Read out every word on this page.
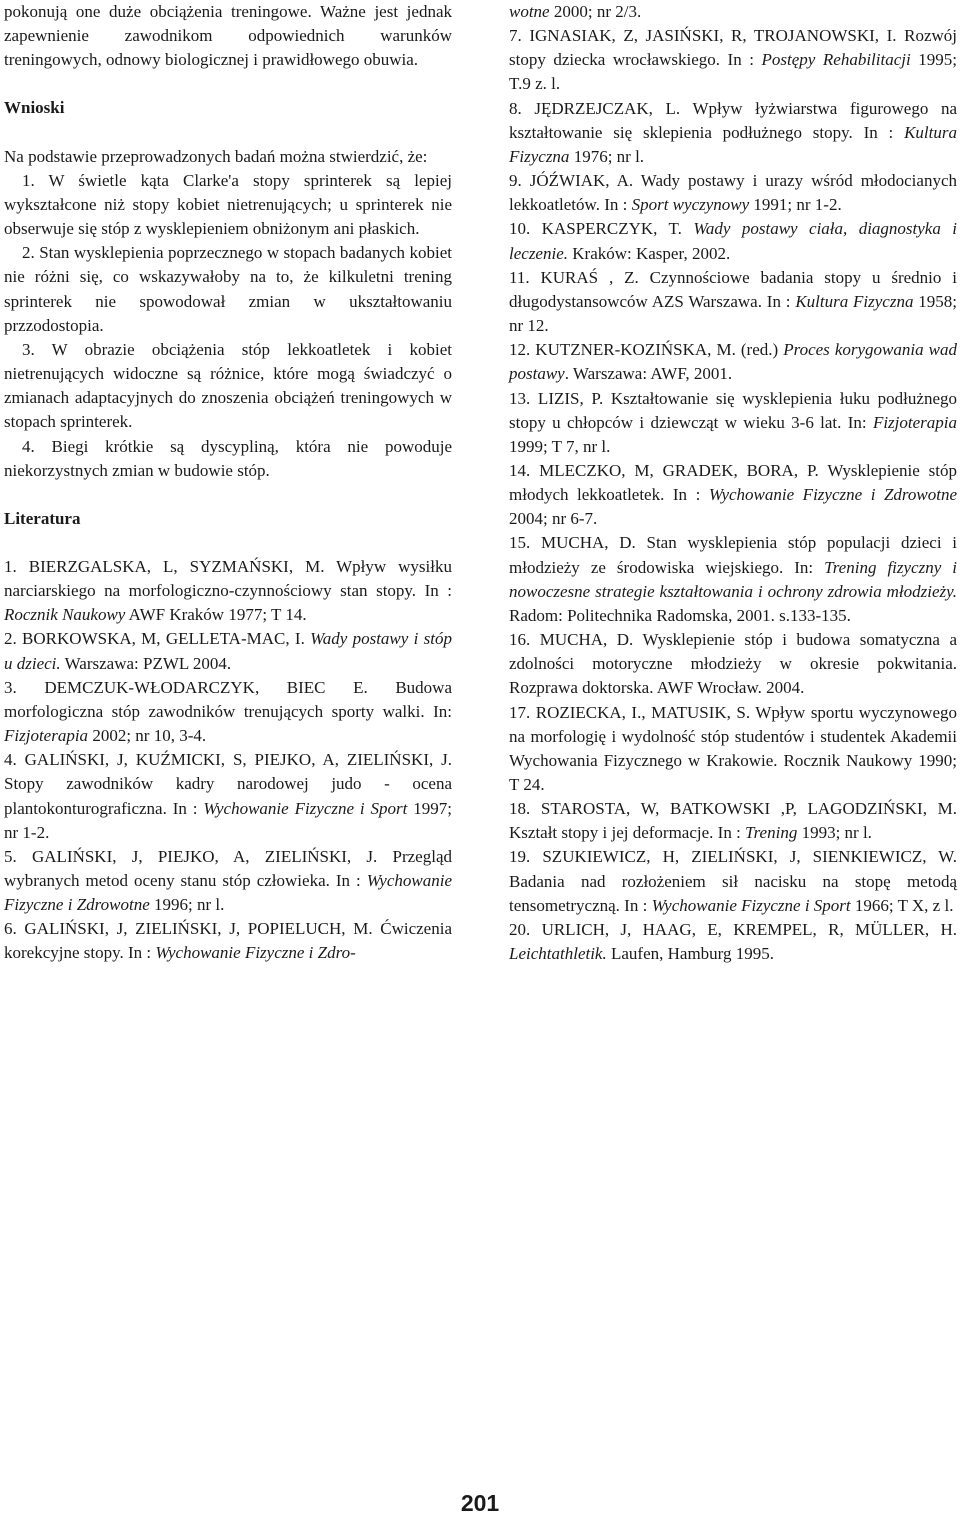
pokonują one duże obciążenia treningowe. Ważne jest jednak zapewnienie zawodnikom odpowiednich warunków treningowych, odnowy biologicznej i prawidłowego obuwia.

Wnioski

Na podstawie przeprowadzonych badań można stwierdzić, że:

1. W świetle kąta Clarke'a stopy sprinterek są lepiej wykształcone niż stopy kobiet nietrenujących; u sprinterek nie obserwuje się stóp z wysklepieniem obniżonym ani płaskich.

2. Stan wysklepienia poprzecznego w stopach badanych kobiet nie różni się, co wskazywałoby na to, że kilkuletni trening sprinterek nie spowodował zmian w ukształtowaniu przzodostopia.

3. W obrazie obciążenia stóp lekkoatletek i kobiet nietrenujących widoczne są różnice, które mogą świadczyć o zmianach adaptacyjnych do znoszenia obciążeń treningowych w stopach sprinterek.

4. Biegi krótkie są dyscypliną, która nie powoduje niekorzystnych zmian w budowie stóp.

Literatura

1. BIERZGALSKA, L, SYZMAŃSKI, M. Wpływ wysiłku narciarskiego na morfologiczno-czynnościowy stan stopy. In : Rocznik Naukowy AWF Kraków 1977; T 14.

2. BORKOWSKA, M, GELLETA-MAC, I. Wady postawy i stóp u dzieci. Warszawa: PZWL 2004.

3. DEMCZUK-WŁODARCZYK, BIEC E. Budowa morfologiczna stóp zawodników trenujących sporty walki. In: Fizjoterapia 2002; nr 10, 3-4.

4. GALIŃSKI, J, KUŹMICKI, S, PIEJKO, A, ZIELIŃSKI, J. Stopy zawodników kadry narodowej judo - ocena plantokonturograficzna. In : Wychowanie Fizyczne i Sport 1997; nr 1-2.

5. GALIŃSKI, J, PIEJKO, A, ZIELIŃSKI, J. Przegląd wybranych metod oceny stanu stóp człowieka. In : Wychowanie Fizyczne i Zdrowotne 1996; nr l.

6. GALIŃSKI, J, ZIELIŃSKI, J, POPIELUCH, M. Ćwiczenia korekcyjne stopy. In : Wychowanie Fizyczne i Zdro-

wotne 2000; nr 2/3.

7. IGNASIAK, Z, JASIŃSKI, R, TROJANOWSKI, I. Rozwój stopy dziecka wrocławskiego. In : Postępy Rehabilitacji 1995; T.9 z. l.

8. JĘDRZEJCZAK, L. Wpływ łyżwiarstwa figurowego na kształtowanie się sklepienia podłużnego stopy. In : Kultura Fizyczna 1976; nr l.

9. JÓŹWIAK, A. Wady postawy i urazy wśród młodocianych lekkoatletów. In : Sport wyczynowy 1991; nr 1-2.

10. KASPERCZYK, T. Wady postawy ciała, diagnostyka i leczenie. Kraków: Kasper, 2002.

11. KURAŚ , Z. Czynnościowe badania stopy u średnio i długodystansowców AZS Warszawa. In : Kultura Fizyczna 1958; nr 12.

12. KUTZNER-KOZIŃSKA, M. (red.) Proces korygowania wad postawy. Warszawa: AWF, 2001.

13. LIZIS, P. Kształtowanie się wysklepienia łuku podłużnego stopy u chłopców i dziewcząt w wieku 3-6 lat. In: Fizjoterapia 1999; T 7, nr l.

14. MLECZKO, M, GRADEK, BORA, P. Wysklepienie stóp młodych lekkoatletek. In : Wychowanie Fizyczne i Zdrowotne 2004; nr 6-7.

15. MUCHA, D. Stan wysklepienia stóp populacji dzieci i młodzieży ze środowiska wiejskiego. In: Trening fizyczny i nowoczesne strategie kształtowania i ochrony zdrowia młodzieży. Radom: Politechnika Radomska, 2001. s.133-135.

16. MUCHA, D. Wysklepienie stóp i budowa somatyczna a zdolności motoryczne młodzieży w okresie pokwitania. Rozprawa doktorska. AWF Wrocław. 2004.

17. ROZIECKA, I., MATUSIK, S. Wpływ sportu wyczynowego na morfologię i wydolność stóp studentów i studentek Akademii Wychowania Fizycznego w Krakowie. Rocznik Naukowy 1990; T 24.

18. STAROSTA, W, BATKOWSKI ,P, LAGODZIŃSKI, M. Kształt stopy i jej deformacje. In : Trening 1993; nr l.

19. SZUKIEWICZ, H, ZIELIŃSKI, J, SIENKIEWICZ, W. Badania nad rozłożeniem sił nacisku na stopę metodą tensometryczną. In : Wychowanie Fizyczne i Sport 1966; T X, z l.

20. URLICH, J, HAAG, E, KREMPEL, R, MÜLLER, H. Leichtathletik. Laufen, Hamburg 1995.

201
